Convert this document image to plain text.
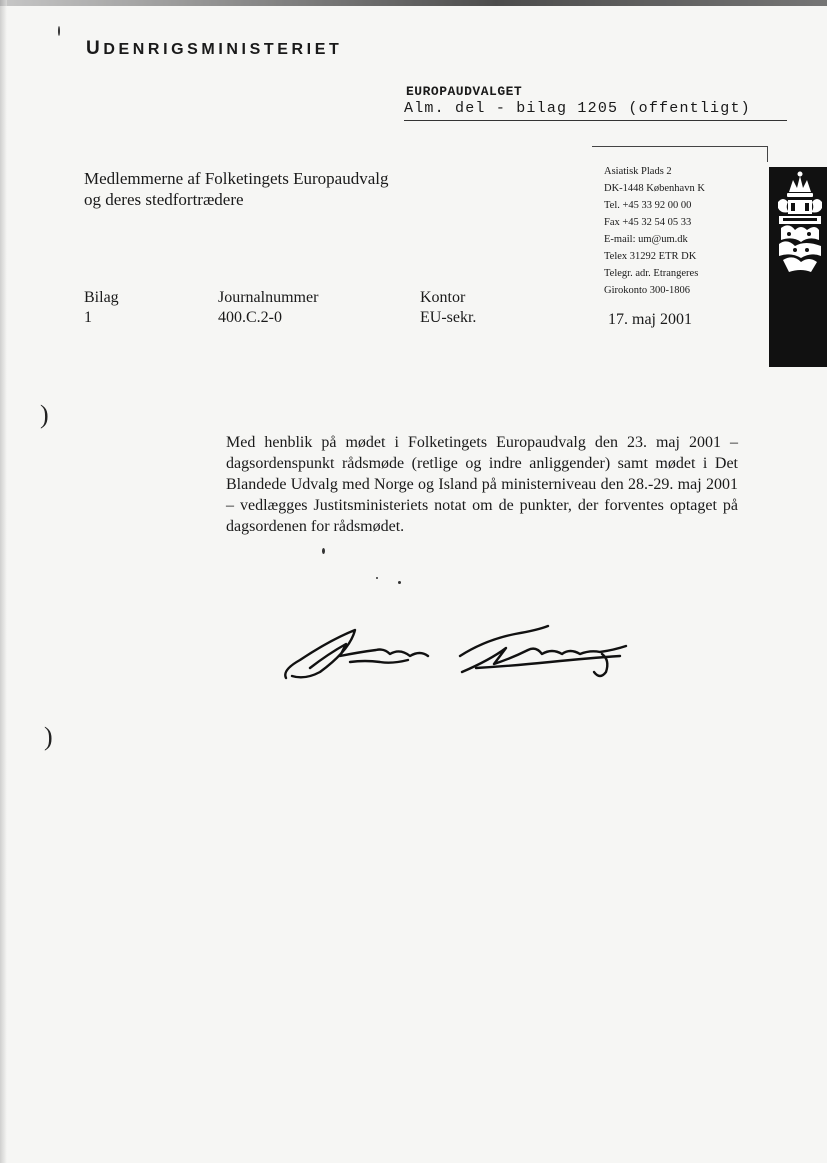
UDENRIGSMINISTERIET
EUROPAUDVALGET
Alm. del - bilag 1205 (offentligt)
Medlemmerne af Folketingets Europaudvalg
og deres stedfortrædere
Asiatisk Plads 2
DK-1448 København K
Tel. +45 33 92 00 00
Fax +45 32 54 05 33
E-mail: um@um.dk
Telex 31292 ETR DK
Telegr. adr. Etrangeres
Girokonto 300-1806
Bilag
1
Journalnummer
400.C.2-0
Kontor
EU-sekr.	17. maj 2001
Med henblik på mødet i Folketingets Europaudvalg den 23. maj 2001 – dagsordenspunkt rådsmøde (retlige og indre anliggender) samt mødet i Det Blandede Udvalg med Norge og Island på ministerniveau den 28.-29. maj 2001 – vedlægges Justitsministeriets notat om de punkter, der forventes optaget på dagsordenen for rådsmødet.
)
)
